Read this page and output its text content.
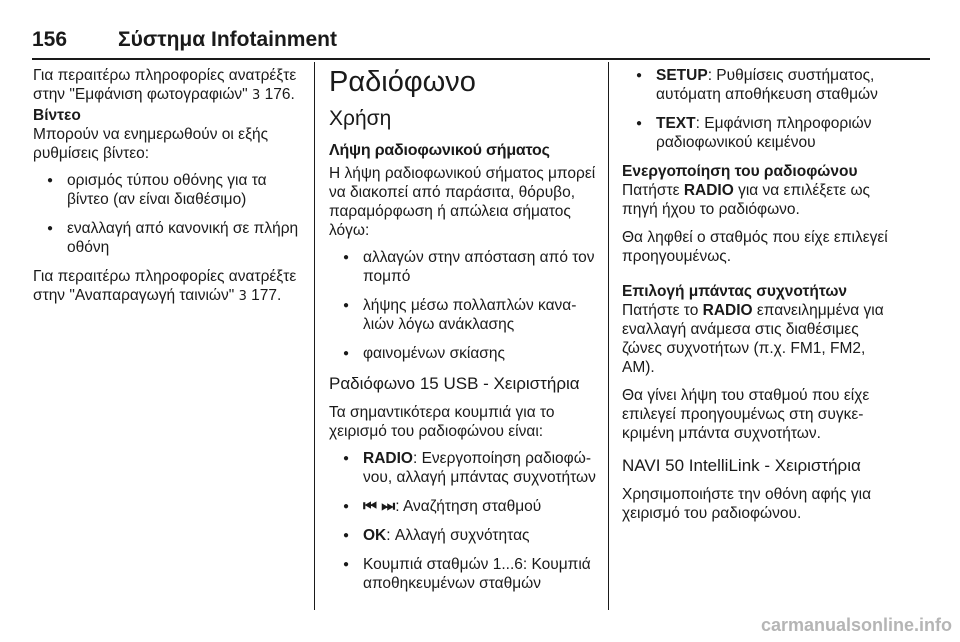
156 Σύστημα Infotainment

Για περαιτέρω πληροφορίες ανατρέξτε στην "Εμφάνιση φωτογραφιών" 3 176.

Βίντεο

Μπορούν να ενημερωθούν οι εξής ρυθμίσεις βίντεο:

● ορισμός τύπου οθόνης για τα βίντεο (αν είναι διαθέσιμο)
● εναλλαγή από κανονική σε πλήρη οθόνη

Για περαιτέρω πληροφορίες ανατρέξτε στην "Αναπαραγωγή ταινιών" 3 177.

Ραδιόφωνο
Χρήση
Λήψη ραδιοφωνικού σήματος

Η λήψη ραδιοφωνικού σήματος μπορεί να διακοπεί από παράσιτα, θόρυβο, παραμόρφωση ή απώλεια σήματος λόγω:

● αλλαγών στην απόσταση από τον πομπό
● λήψης μέσω πολλαπλών καναλιών λόγω ανάκλασης
● φαινομένων σκίασης
Ραδιόφωνο 15 USB - Χειριστήρια

Τα σημαντικότερα κουμπιά για το χειρισμό του ραδιοφώνου είναι:

● RADIO: Ενεργοποίηση ραδιοφώνου, αλλαγή μπάντας συχνοτήτων
● ⏮ ⏭: Αναζήτηση σταθμού
● OK: Αλλαγή συχνότητας
● Κουμπιά σταθμών 1...6: Κουμπιά αποθηκευμένων σταθμών
● SETUP: Ρυθμίσεις συστήματος, αυτόματη αποθήκευση σταθμών
● TEXT: Εμφάνιση πληροφοριών ραδιοφωνικού κειμένου

Ενεργοποίηση του ραδιοφώνου

Πατήστε RADIO για να επιλέξετε ως πηγή ήχου το ραδιόφωνο.

Θα ληφθεί ο σταθμός που είχε επιλεγεί προηγουμένως.

Επιλογή μπάντας συχνοτήτων

Πατήστε το RADIO επανειλημμένα για εναλλαγή ανάμεσα στις διαθέσιμες ζώνες συχνοτήτων (π.χ. FM1, FM2, AM).

Θα γίνει λήψη του σταθμού που είχε επιλεγεί προηγουμένως στη συγκεκριμένη μπάντα συχνοτήτων.

NAVI 50 IntelliLink - Χειριστήρια

Χρησιμοποιήστε την οθόνη αφής για χειρισμό του ραδιοφώνου.

carmanualsonline.info
